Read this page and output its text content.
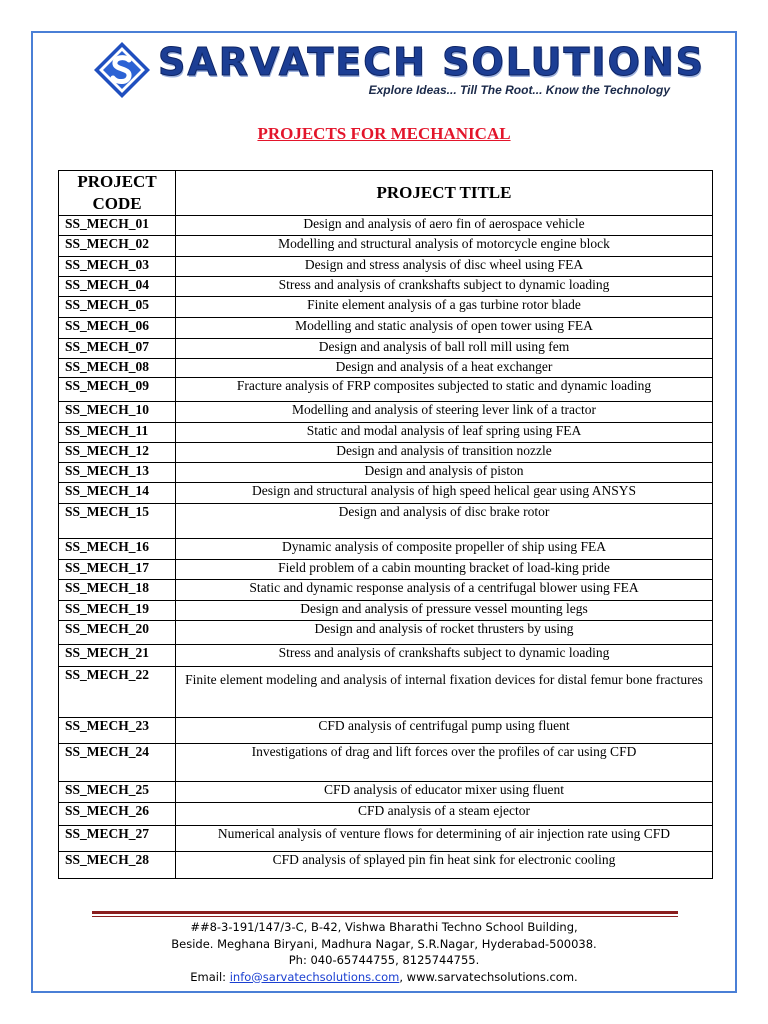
SARVATECH SOLUTIONS
Explore Ideas... Till The Root... Know the Technology
PROJECTS FOR MECHANICAL
PROJECT CODE	PROJECT TITLE
SS_MECH_01	Design and analysis of aero fin of aerospace vehicle
SS_MECH_02	Modelling and structural analysis of motorcycle engine block
SS_MECH_03	Design and stress analysis of disc wheel using FEA
SS_MECH_04	Stress and analysis of crankshafts subject to dynamic loading
SS_MECH_05	Finite element analysis of a gas turbine rotor blade
SS_MECH_06	Modelling and static analysis of open tower using FEA
SS_MECH_07	Design and analysis of ball roll mill using fem
SS_MECH_08	Design and analysis of a heat exchanger
SS_MECH_09	Fracture analysis of FRP composites subjected to static and dynamic loading
SS_MECH_10	Modelling and analysis of steering lever link of a tractor
SS_MECH_11	Static and modal analysis of leaf spring using FEA
SS_MECH_12	Design and analysis of transition nozzle
SS_MECH_13	Design and analysis of piston
SS_MECH_14	Design and structural analysis of high speed helical gear using ANSYS
SS_MECH_15	Design and analysis of disc brake rotor
SS_MECH_16	Dynamic analysis of composite propeller of ship using FEA
SS_MECH_17	Field problem of a cabin mounting bracket of load-king pride
SS_MECH_18	Static and dynamic response analysis of a centrifugal blower using FEA
SS_MECH_19	Design and analysis of pressure vessel mounting legs
SS_MECH_20	Design and analysis of rocket thrusters by using
SS_MECH_21	Stress and analysis of crankshafts subject to dynamic loading
SS_MECH_22	Finite element modeling and analysis of internal fixation devices for distal femur bone fractures
SS_MECH_23	CFD analysis of centrifugal pump using fluent
SS_MECH_24	Investigations of drag and lift forces over the profiles of car using CFD
SS_MECH_25	CFD analysis of educator mixer using fluent
SS_MECH_26	CFD analysis of a steam ejector
SS_MECH_27	Numerical analysis of venture flows for determining of air injection rate using CFD
SS_MECH_28	CFD analysis of splayed pin fin heat sink for electronic cooling
##8-3-191/147/3-C, B-42, Vishwa Bharathi Techno School Building,
Beside. Meghana Biryani, Madhura Nagar, S.R.Nagar, Hyderabad-500038.
Ph: 040-65744755, 8125744755.
Email: info@sarvatechsolutions.com, www.sarvatechsolutions.com.
